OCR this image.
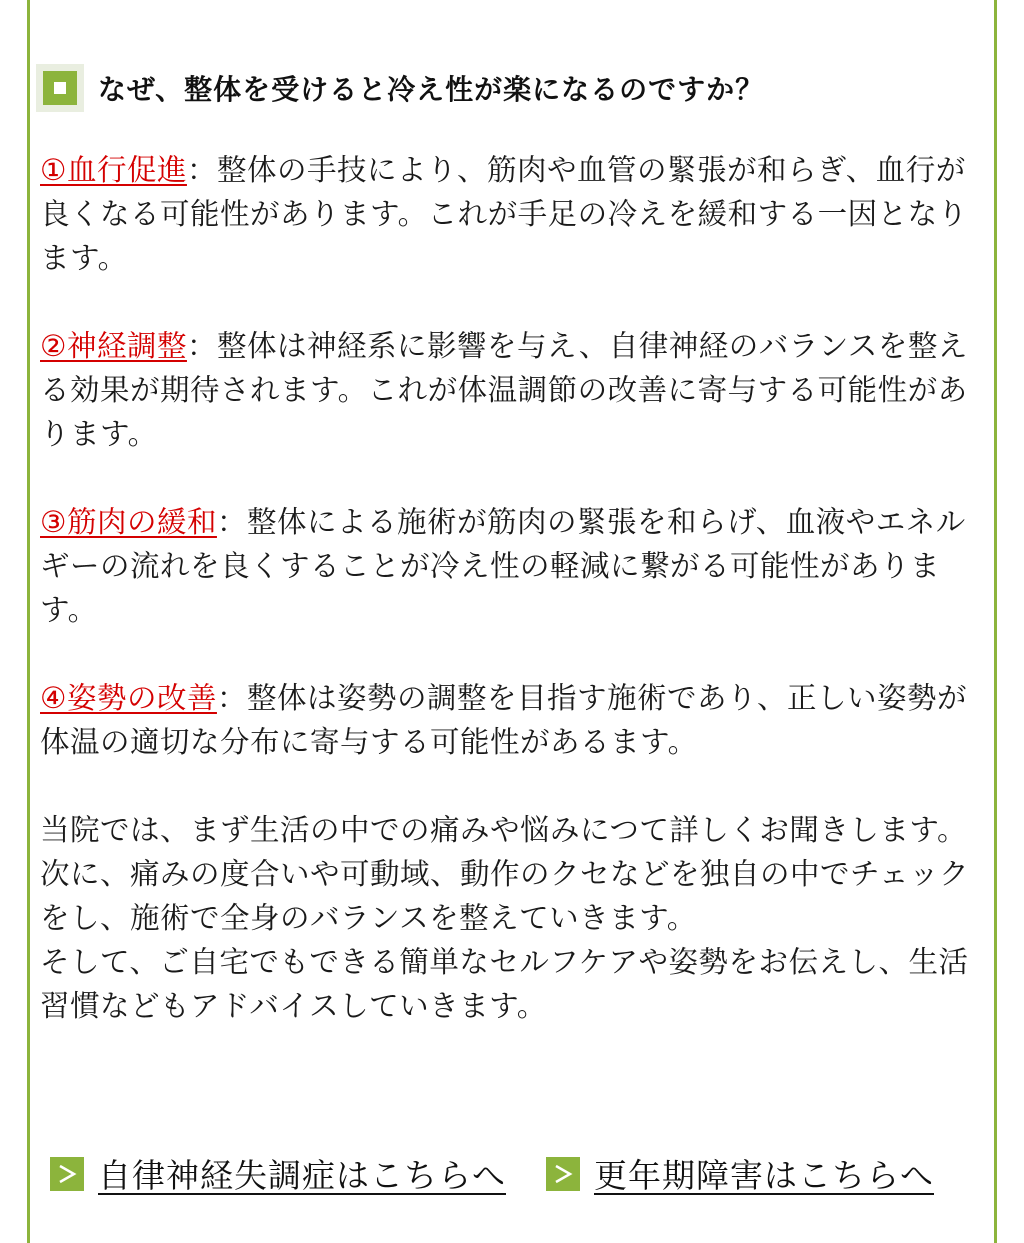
なぜ、整体を受けると冷え性が楽になるのですか？

①血行促進：整体の手技により、筋肉や血管の緊張が和らぎ、血行が良くなる可能性があります。これが手足の冷えを緩和する一因となります。

②神経調整：整体は神経系に影響を与え、自律神経のバランスを整える効果が期待されます。これが体温調節の改善に寄与する可能性があります。

③筋肉の緩和：整体による施術が筋肉の緊張を和らげ、血液やエネルギーの流れを良くすることが冷え性の軽減に繋がる可能性があります。

④姿勢の改善：整体は姿勢の調整を目指す施術であり、正しい姿勢が体温の適切な分布に寄与する可能性があるます。

当院では、まず生活の中での痛みや悩みにつて詳しくお聞きします。

次に、痛みの度合いや可動域、動作のクセなどを独自の中でチェックをし、施術で全身のバランスを整えていきます。

そして、ご自宅でもできる簡単なセルフケアや姿勢をお伝えし、生活習慣などもアドバイスしていきます。

自律神経失調症はこちらへ	更年期障害はこちらへ
